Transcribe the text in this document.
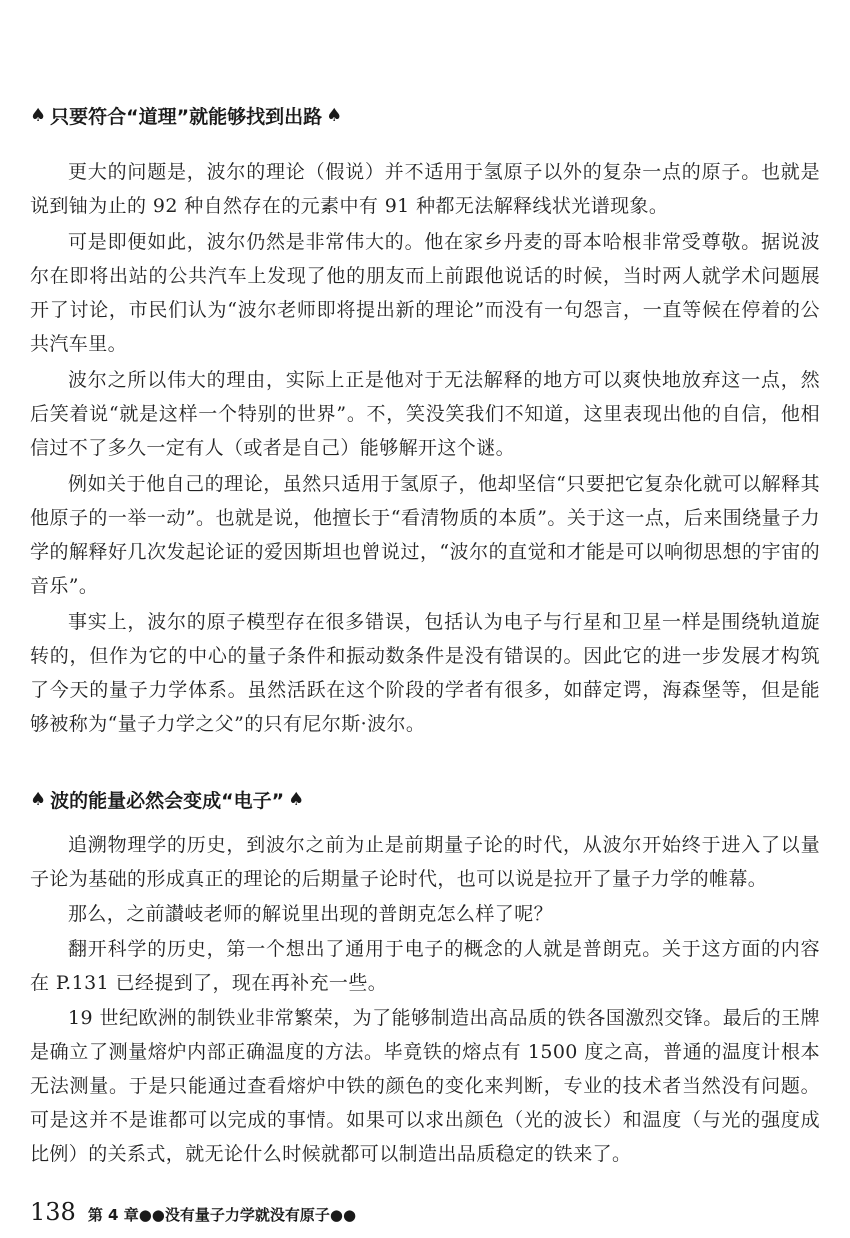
♠ 只要符合“道理”就能够找到出路 ♠

更大的问题是，波尔的理论（假说）并不适用于氢原子以外的复杂一点的原子。也就是说到铀为止的 92 种自然存在的元素中有 91 种都无法解释线状光谱现象。

可是即便如此，波尔仍然是非常伟大的。他在家乡丹麦的哥本哈根非常受尊敬。据说波尔在即将出站的公共汽车上发现了他的朋友而上前跟他说话的时候，当时两人就学术问题展开了讨论，市民们认为“波尔老师即将提出新的理论”而没有一句怨言，一直等候在停着的公共汽车里。

波尔之所以伟大的理由，实际上正是他对于无法解释的地方可以爽快地放弃这一点，然后笑着说“就是这样一个特别的世界”。不，笑没笑我们不知道，这里表现出他的自信，他相信过不了多久一定有人（或者是自己）能够解开这个谜。

例如关于他自己的理论，虽然只适用于氢原子，他却坚信“只要把它复杂化就可以解释其他原子的一举一动”。也就是说，他擅长于“看清物质的本质”。关于这一点，后来围绕量子力学的解释好几次发起论证的爱因斯坦也曾说过，“波尔的直觉和才能是可以响彻思想的宇宙的音乐”。

事实上，波尔的原子模型存在很多错误，包括认为电子与行星和卫星一样是围绕轨道旋转的，但作为它的中心的量子条件和振动数条件是没有错误的。因此它的进一步发展才构筑了今天的量子力学体系。虽然活跃在这个阶段的学者有很多，如薛定谔，海森堡等，但是能够被称为“量子力学之父”的只有尼尔斯·波尔。

♠ 波的能量必然会变成“电子” ♠

追溯物理学的历史，到波尔之前为止是前期量子论的时代，从波尔开始终于进入了以量子论为基础的形成真正的理论的后期量子论时代，也可以说是拉开了量子力学的帷幕。

那么，之前讃岐老师的解说里出现的普朗克怎么样了呢？

翻开科学的历史，第一个想出了通用于电子的概念的人就是普朗克。关于这方面的内容在 P.131 已经提到了，现在再补充一些。

19 世纪欧洲的制铁业非常繁荣，为了能够制造出高品质的铁各国激烈交锋。最后的王牌是确立了测量熔炉内部正确温度的方法。毕竟铁的熔点有 1500 度之高，普通的温度计根本无法测量。于是只能通过查看熔炉中铁的颜色的变化来判断，专业的技术者当然没有问题。可是这并不是谁都可以完成的事情。如果可以求出颜色（光的波长）和温度（与光的强度成比例）的关系式，就无论什么时候就都可以制造出品质稳定的铁来了。

138 第 4 章●●没有量子力学就没有原子●●
